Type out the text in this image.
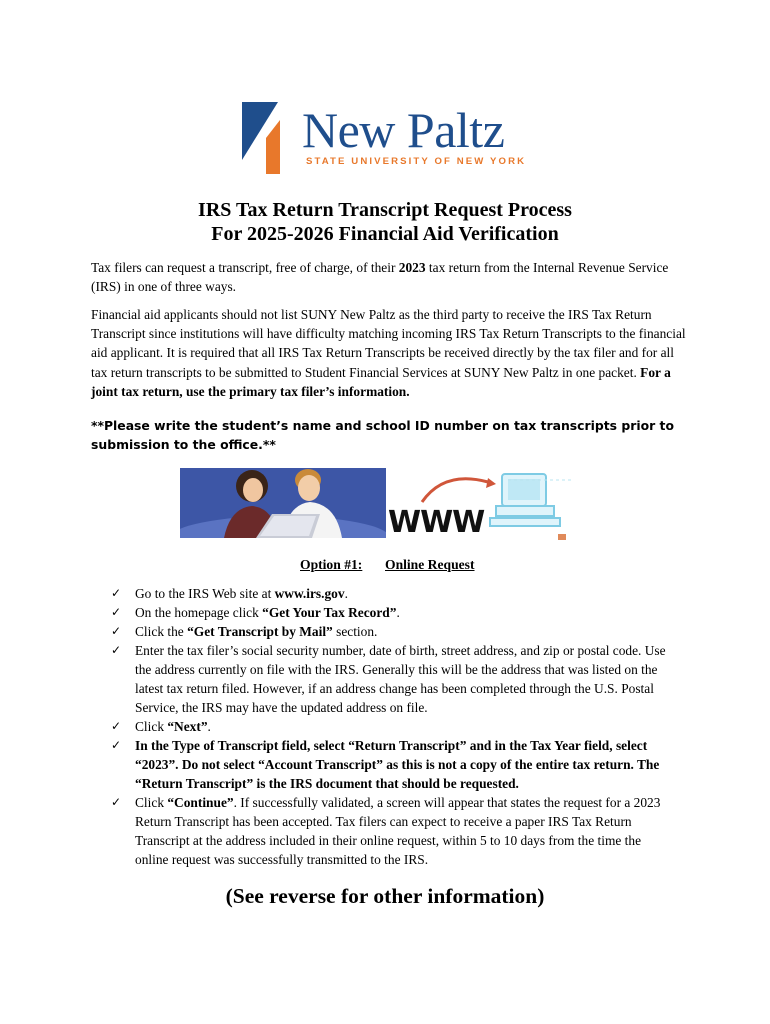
New Paltz
STATE UNIVERSITY OF NEW YORK
IRS Tax Return Transcript Request Process
For 2025-2026 Financial Aid Verification

Tax filers can request a transcript, free of charge, of their 2023 tax return from the Internal Revenue Service (IRS) in one of three ways.

Financial aid applicants should not list SUNY New Paltz as the third party to receive the IRS Tax Return Transcript since institutions will have difficulty matching incoming IRS Tax Return Transcripts to the financial aid applicant. It is required that all IRS Tax Return Transcripts be received directly by the tax filer and for all tax return transcripts to be submitted to Student Financial Services at SUNY New Paltz in one packet. For a joint tax return, use the primary tax filer’s information.

**Please write the student’s name and school ID number on tax transcripts prior to submission to the office.**

WWW
Option #1: Online Request
✓ Go to the IRS Web site at www.irs.gov.
✓ On the homepage click “Get Your Tax Record”.
✓ Click the “Get Transcript by Mail” section.
✓ Enter the tax filer’s social security number, date of birth, street address, and zip or postal code. Use the address currently on file with the IRS. Generally this will be the address that was listed on the latest tax return filed. However, if an address change has been completed through the U.S. Postal Service, the IRS may have the updated address on file.
✓ Click “Next”.
✓ In the Type of Transcript field, select “Return Transcript” and in the Tax Year field, select “2023”. Do not select “Account Transcript” as this is not a copy of the entire tax return. The “Return Transcript” is the IRS document that should be requested.
✓ Click “Continue”. If successfully validated, a screen will appear that states the request for a 2023 Return Transcript has been accepted. Tax filers can expect to receive a paper IRS Tax Return Transcript at the address included in their online request, within 5 to 10 days from the time the online request was successfully transmitted to the IRS.
(See reverse for other information)
